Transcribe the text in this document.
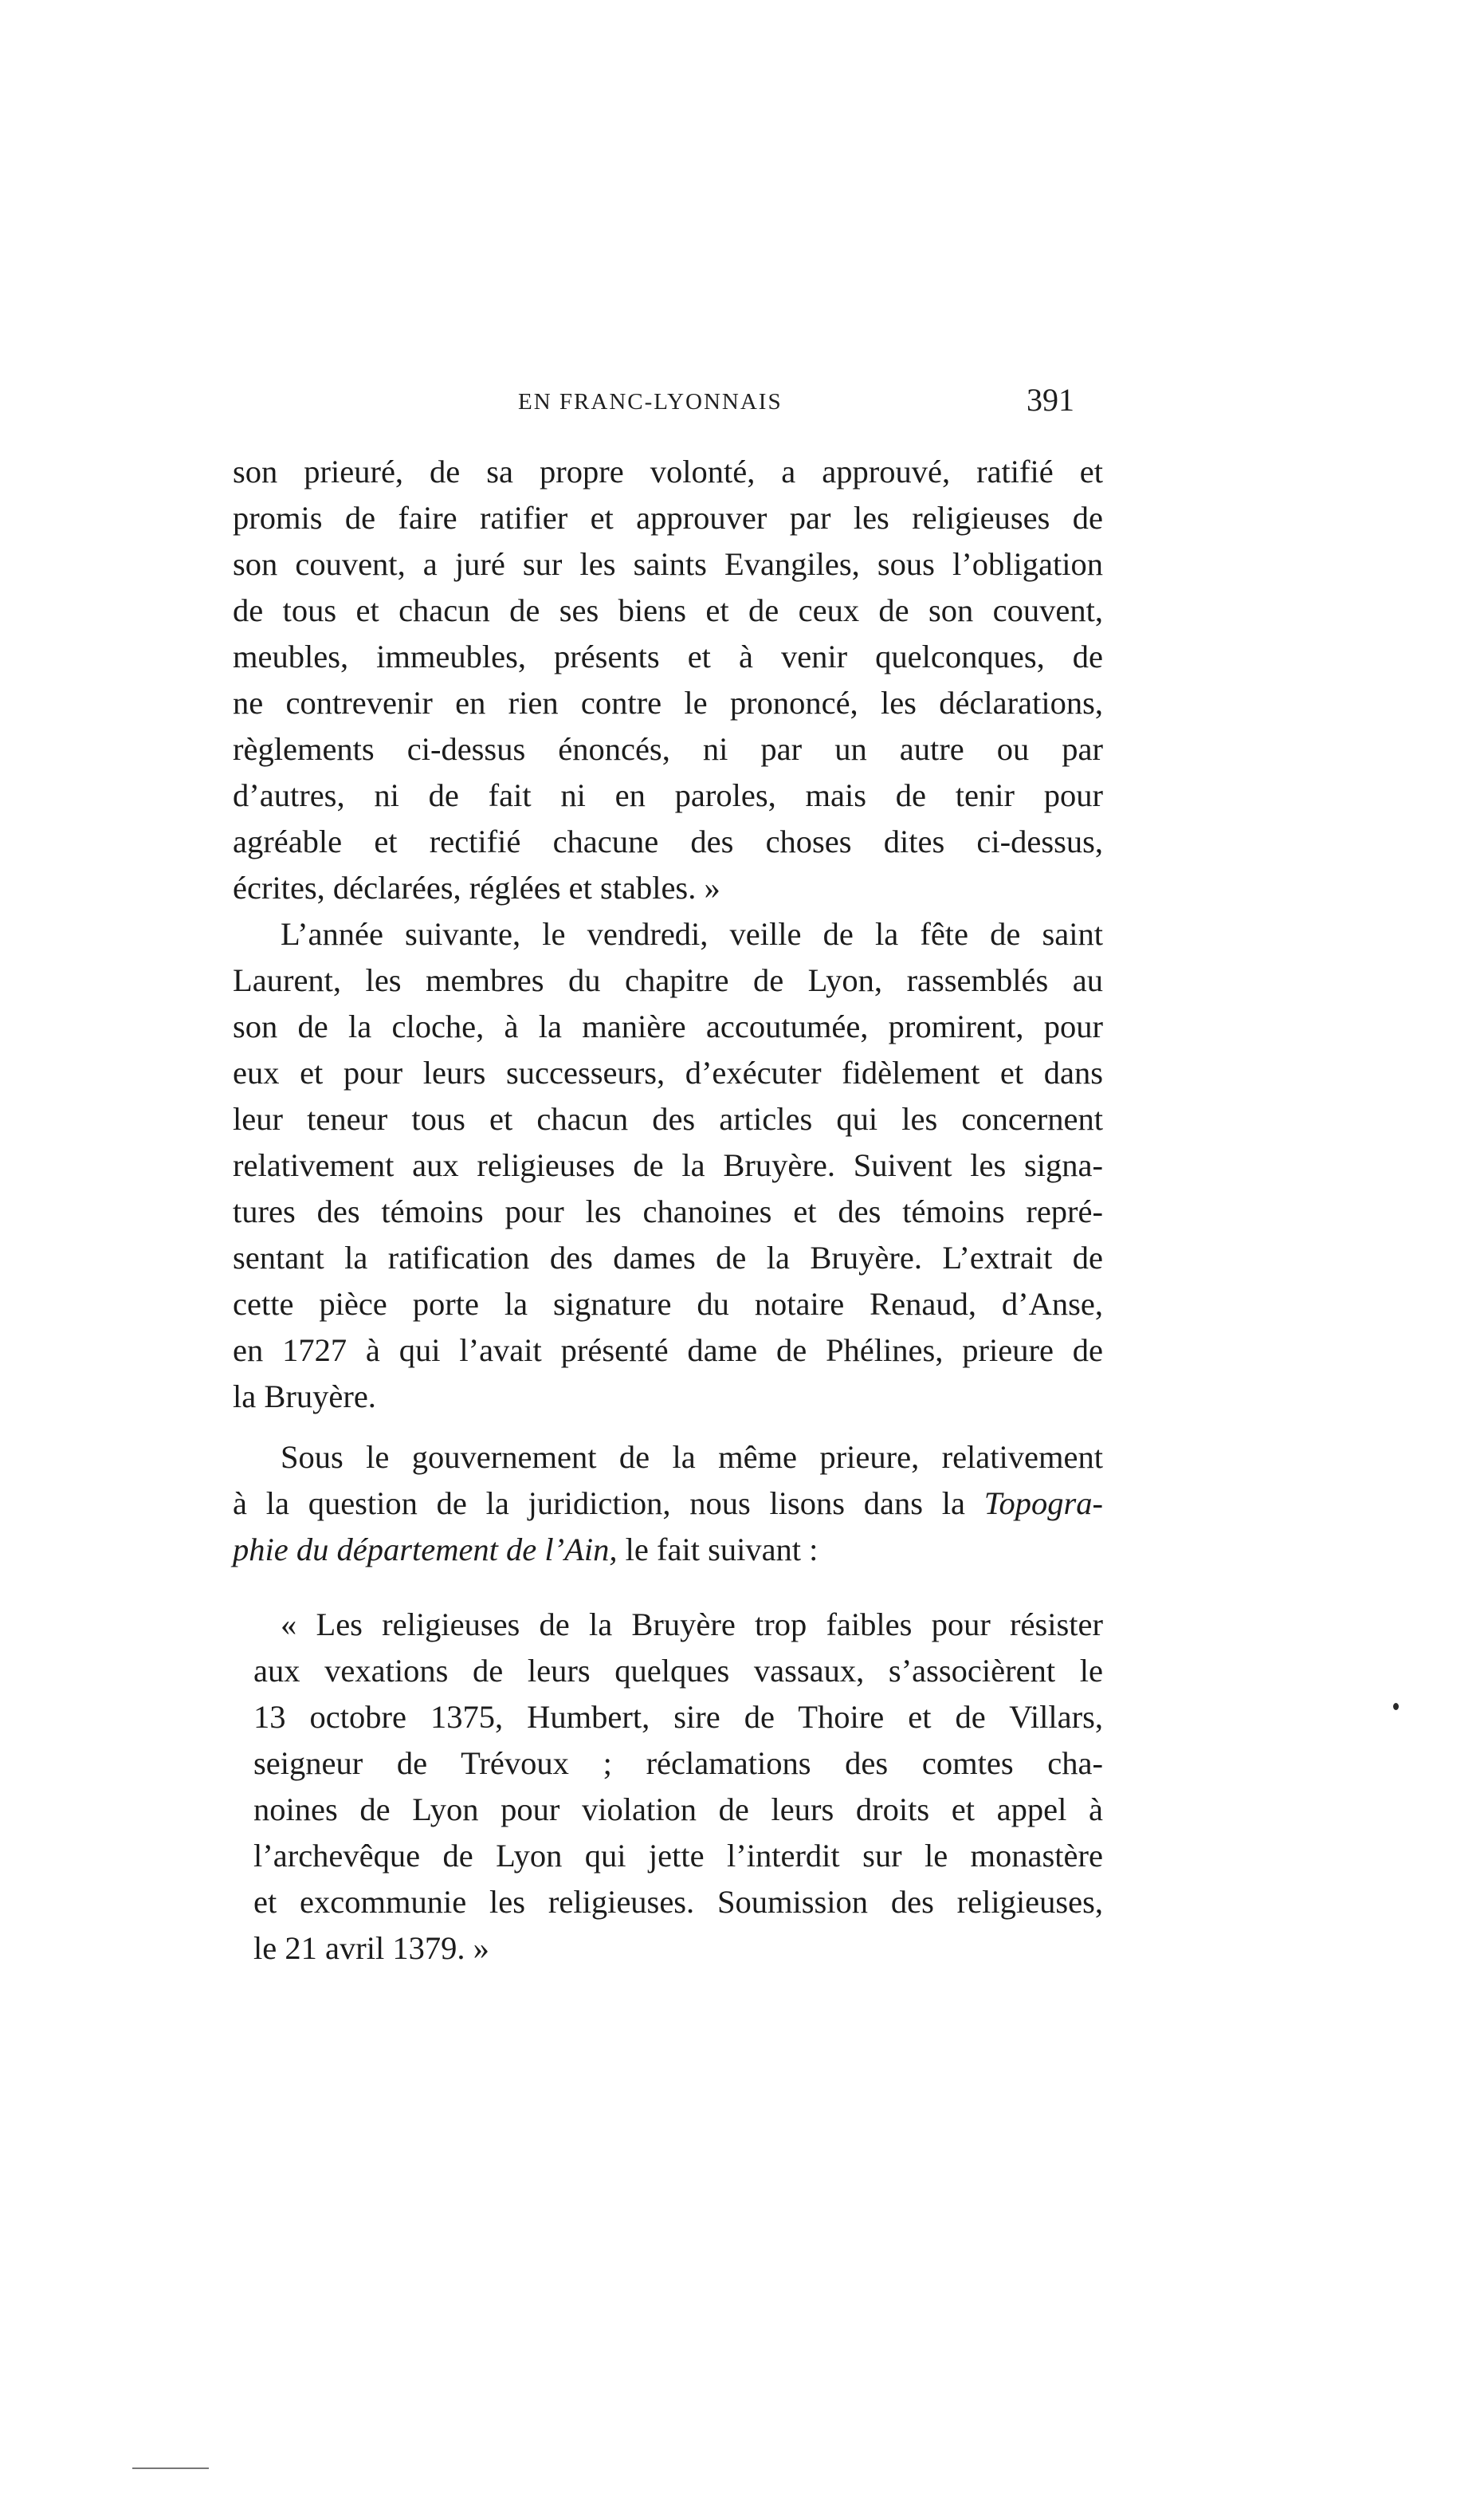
EN FRANC-LYONNAIS	391
son prieuré, de sa propre volonté, a approuvé, ratifié et
promis de faire ratifier et approuver par les religieuses de
son couvent, a juré sur les saints Evangiles, sous l’obligation
de tous et chacun de ses biens et de ceux de son couvent,
meubles, immeubles, présents et à venir quelconques, de
ne contrevenir en rien contre le prononcé, les déclarations,
règlements ci-dessus énoncés, ni par un autre ou par
d’autres, ni de fait ni en paroles, mais de tenir pour
agréable et rectifié chacune des choses dites ci-dessus,
écrites, déclarées, réglées et stables. »
L’année suivante, le vendredi, veille de la fête de saint
Laurent, les membres du chapitre de Lyon, rassemblés au
son de la cloche, à la manière accoutumée, promirent, pour
eux et pour leurs successeurs, d’exécuter fidèlement et dans
leur teneur tous et chacun des articles qui les concernent
relativement aux religieuses de la Bruyère. Suivent les signa-
tures des témoins pour les chanoines et des témoins repré-
sentant la ratification des dames de la Bruyère. L’extrait de
cette pièce porte la signature du notaire Renaud, d’Anse,
en 1727 à qui l’avait présenté dame de Phélines, prieure de
la Bruyère.
Sous le gouvernement de la même prieure, relativement
à la question de la juridiction, nous lisons dans la Topogra-
phie du département de l’Ain, le fait suivant :
« Les religieuses de la Bruyère trop faibles pour résister
aux vexations de leurs quelques vassaux, s’associèrent le
13 octobre 1375, Humbert, sire de Thoire et de Villars,
seigneur de Trévoux ; réclamations des comtes cha-
noines de Lyon pour violation de leurs droits et appel à
l’archevêque de Lyon qui jette l’interdit sur le monastère
et excommunie les religieuses. Soumission des religieuses,
le 21 avril 1379. »
